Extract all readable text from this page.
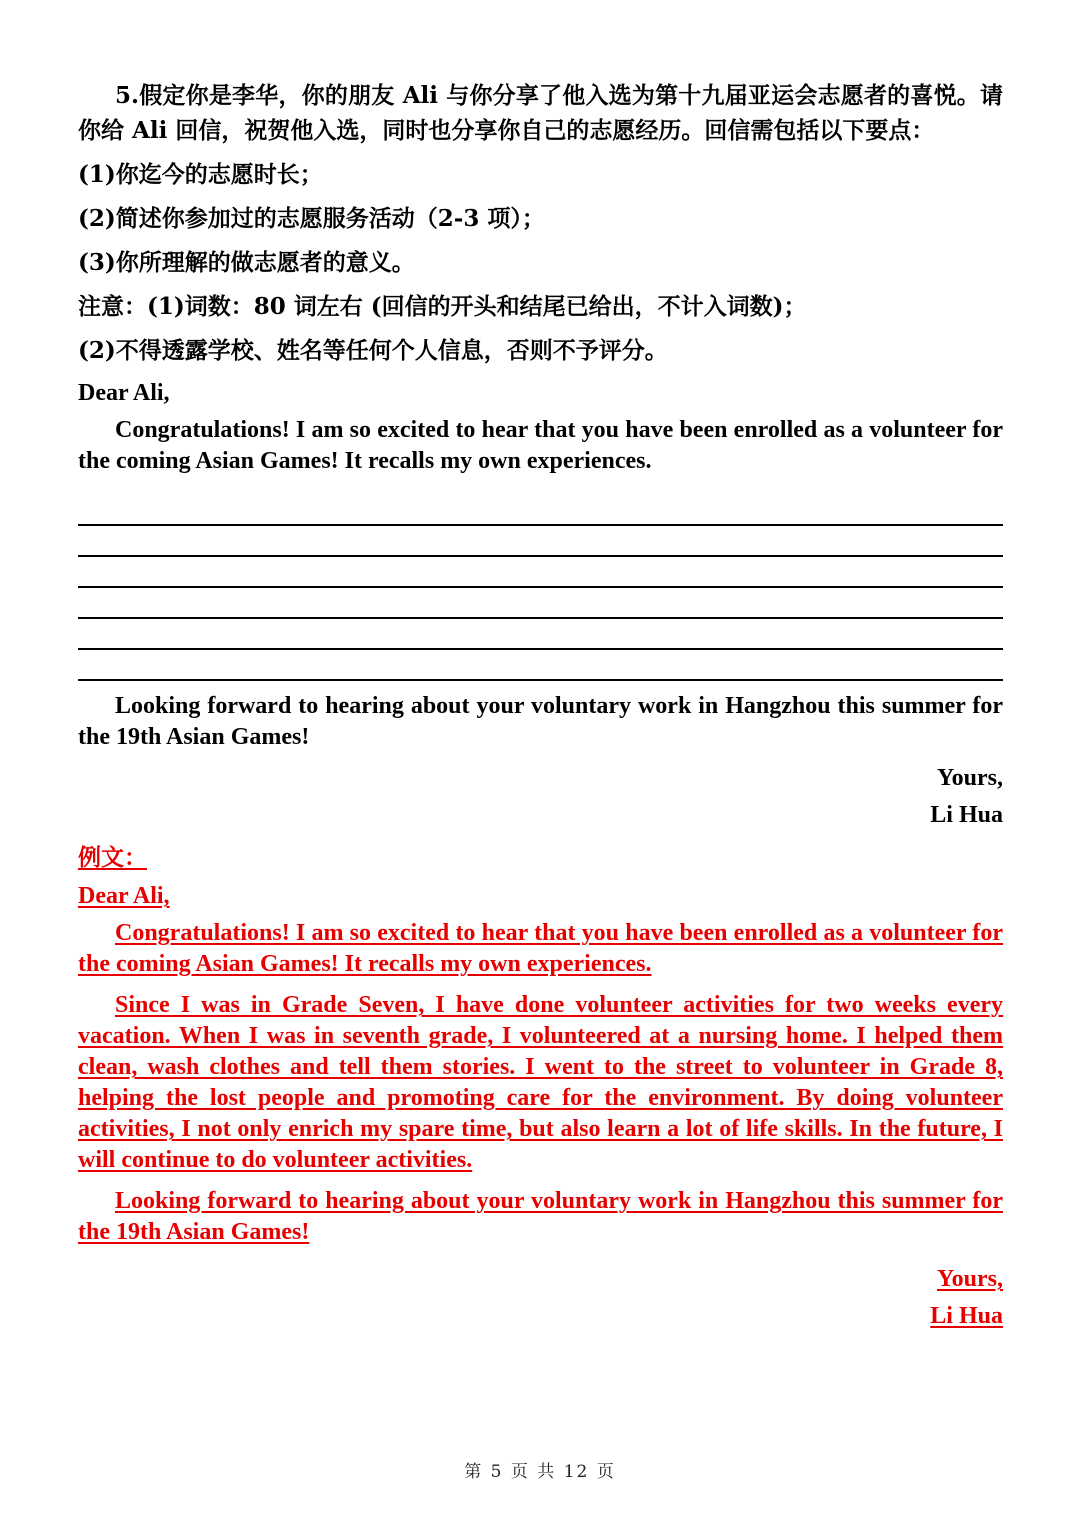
5.假定你是李华，你的朋友 Ali 与你分享了他入选为第十九届亚运会志愿者的喜悦。请你给 Ali 回信，祝贺他入选，同时也分享你自己的志愿经历。回信需包括以下要点：

(1)你迄今的志愿时长；

(2)简述你参加过的志愿服务活动（2-3 项）；

(3)你所理解的做志愿者的意义。

注意：(1)词数：80 词左右 (回信的开头和结尾已给出，不计入词数)；

(2)不得透露学校、姓名等任何个人信息，否则不予评分。

Dear Ali,

Congratulations! I am so excited to hear that you have been enrolled as a volunteer for the coming Asian Games! It recalls my own experiences.

Looking forward to hearing about your voluntary work in Hangzhou this summer for the 19th Asian Games!

Yours,

Li Hua

例文：

Dear Ali,

Congratulations! I am so excited to hear that you have been enrolled as a volunteer for the coming Asian Games! It recalls my own experiences.

Since I was in Grade Seven, I have done volunteer activities for two weeks every vacation. When I was in seventh grade, I volunteered at a nursing home. I helped them clean, wash clothes and tell them stories. I went to the street to volunteer in Grade 8, helping the lost people and promoting care for the environment. By doing volunteer activities, I not only enrich my spare time, but also learn a lot of life skills. In the future, I will continue to do volunteer activities.

Looking forward to hearing about your voluntary work in Hangzhou this summer for the 19th Asian Games!

Yours,

Li Hua

第 5 页 共 12 页
